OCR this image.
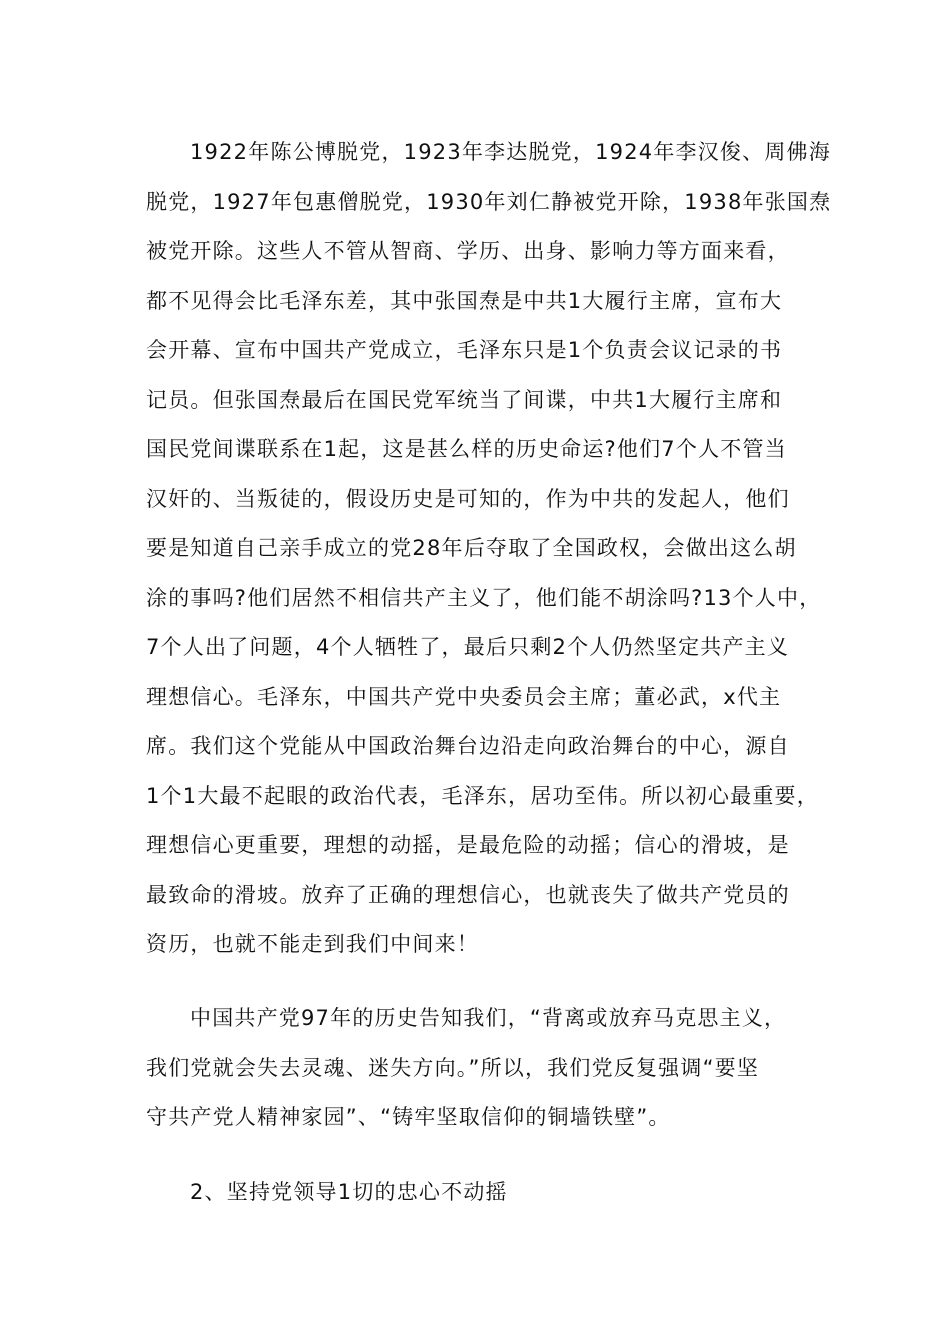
1922年陈公博脱党，1923年李达脱党，1924年李汉俊、周佛海
脱党，1927年包惠僧脱党，1930年刘仁静被党开除，1938年张国焘
被党开除。这些人不管从智商、学历、出身、影响力等方面来看，
都不见得会比毛泽东差，其中张国焘是中共1大履行主席，宣布大
会开幕、宣布中国共产党成立，毛泽东只是1个负责会议记录的书
记员。但张国焘最后在国民党军统当了间谍，中共1大履行主席和
国民党间谍联系在1起，这是甚么样的历史命运?他们7个人不管当
汉奸的、当叛徒的，假设历史是可知的，作为中共的发起人，他们
要是知道自己亲手成立的党28年后夺取了全国政权，会做出这么胡
涂的事吗?他们居然不相信共产主义了，他们能不胡涂吗?13个人中，
7个人出了问题，4个人牺牲了，最后只剩2个人仍然坚定共产主义
理想信心。毛泽东，中国共产党中央委员会主席；董必武，x代主
席。我们这个党能从中国政治舞台边沿走向政治舞台的中心，源自
1个1大最不起眼的政治代表，毛泽东，居功至伟。所以初心最重要，
理想信心更重要，理想的动摇，是最危险的动摇；信心的滑坡，是
最致命的滑坡。放弃了正确的理想信心，也就丧失了做共产党员的
资历，也就不能走到我们中间来！
中国共产党97年的历史告知我们，“背离或放弃马克思主义，
我们党就会失去灵魂、迷失方向。”所以，我们党反复强调“要坚
守共产党人精神家园”、“铸牢坚取信仰的铜墙铁壁”。
2、坚持党领导1切的忠心不动摇
